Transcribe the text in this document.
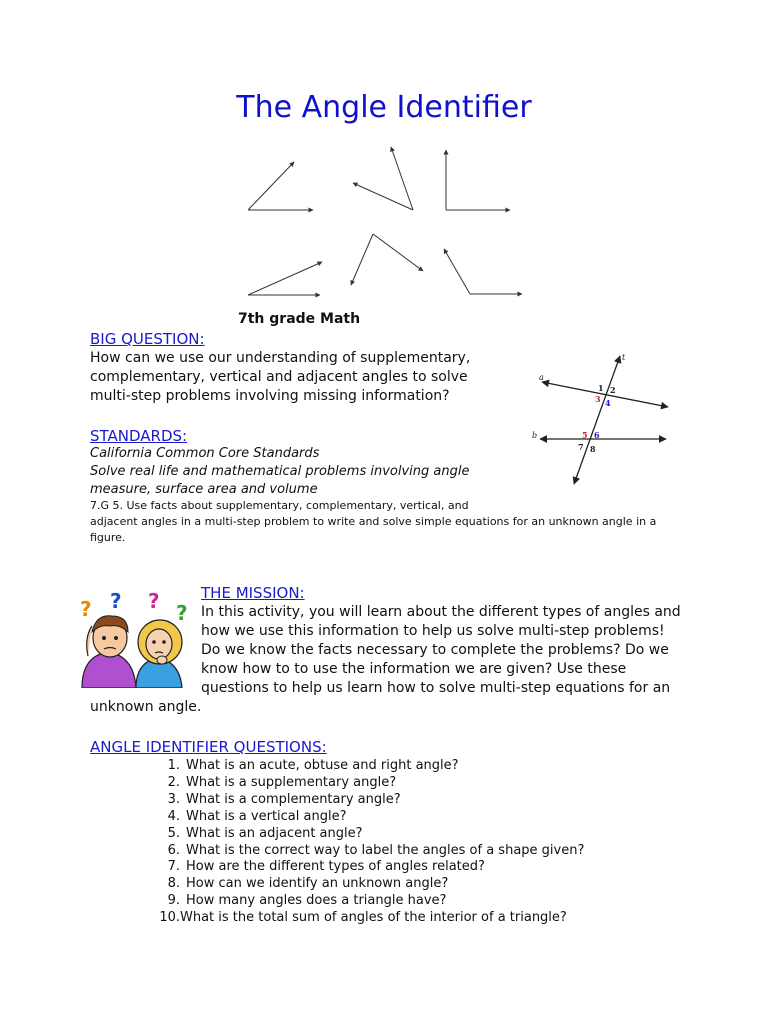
The Angle Identifier
7th grade Math
BIG QUESTION:
How can we use our understanding of supplementary,
complementary, vertical and adjacent angles to solve
multi-step problems involving missing information?
a
b
t
1 2
3 4
5 6
7 8
STANDARDS:
California Common Core Standards
Solve real life and mathematical problems involving angle
measure, surface area and volume
7.G 5. Use facts about supplementary, complementary, vertical, and
adjacent angles in a multi-step problem to write and solve simple equations for an unknown angle in a
figure.
? ? ? ?
THE MISSION:
In this activity, you will learn about the different types of angles and
how we use this information to help us solve multi-step problems!
Do we know the facts necessary to complete the problems? Do we
know how to to use the information we are given? Use these
questions to help us learn how to solve multi-step equations for an
unknown angle.
ANGLE IDENTIFIER QUESTIONS:
1. What is an acute, obtuse and right angle?
2. What is a supplementary angle?
3. What is a complementary angle?
4. What is a vertical angle?
5. What is an adjacent angle?
6. What is the correct way to label the angles of a shape given?
7. How are the different types of angles related?
8. How can we identify an unknown angle?
9. How many angles does a triangle have?
10. What is the total sum of angles of the interior of a triangle?
